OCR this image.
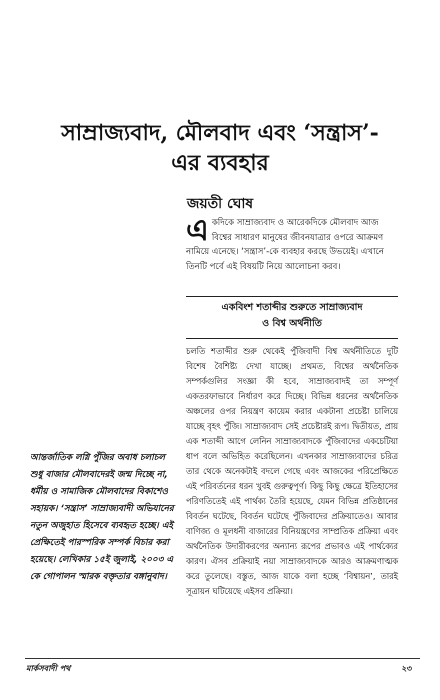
সাম্রাজ্যবাদ, মৌলবাদ এবং ‘সন্ত্রাস’-এর ব্যবহার
জয়তী ঘোষ

একদিকে সাম্রাজ্যবাদ ও আরেকদিকে মৌলবাদ আজ বিশ্বের সাধারণ মানুষের জীবনযাত্রার ওপরে আক্রমণ নামিয়ে এনেছে। ‘সন্ত্রাস’-কে ব্যবহার করছে উভয়েই। এখানে তিনটি পর্বে এই বিষয়টি নিয়ে আলোচনা করব।

একবিংশ শতাব্দীর শুরুতে সাম্রাজ্যবাদ
ও বিশ্ব অর্থনীতি

চলতি শতাব্দীর শুরু থেকেই পুঁজিবাদী বিশ্ব অর্থনীতিতে দুটি বিশেষ বৈশিষ্ট্য দেখা যাচ্ছে। প্রথমত, বিশ্বের অর্থনৈতিক সম্পর্কগুলির সংজ্ঞা কী হবে, সাম্রাজ্যবাদই তা সম্পূর্ণ একতরফাভাবে নির্ধারণ করে দিচ্ছে। বিভিন্ন ধরনের অর্থনৈতিক অঞ্চলের ওপর নিয়ন্ত্রণ কায়েম করার একটানা প্রচেষ্টা চালিয়ে যাচ্ছে বৃহৎ পুঁজি। সাম্রাজ্যবাদ সেই প্রচেষ্টারই রূপ। দ্বিতীয়ত, প্রায় এক শতাব্দী আগে লেনিন সাম্রাজ্যবাদকে পুঁজিবাদের একচেটিয়া ধাপ বলে অভিহিত করেছিলেন। এখনকার সাম্রাজ্যবাদের চরিত্র তার থেকে অনেকটাই বদলে গেছে এবং আজকের পরিপ্রেক্ষিতে এই পরিবর্তনের ধরন খুবই গুরুত্বপূর্ণ। কিছু কিছু ক্ষেত্রে ইতিহাসের পরিণতিতেই এই পার্থক্য তৈরি হয়েছে, যেমন বিভিন্ন প্রতিষ্ঠানের বিবর্তন ঘটেছে, বিবর্তন ঘটেছে পুঁজিবাদের প্রক্রিয়াতেও। আবার বাণিজ্য ও মূলধনী বাজারের বিনিয়ন্ত্রণের সাম্প্রতিক প্রক্রিয়া এবং অর্থনৈতিক উদারীকরণের অন্যান্য রূপের প্রভাবও এই পার্থক্যের কারণ। ঐসব প্রক্রিয়াই নয়া সাম্রাজ্যবাদকে আরও আক্রমণাত্মক করে তুলেছে। বস্তুত, আজ যাকে বলা হচ্ছে ‘বিশ্বায়ন’, তারই সূত্রায়ন ঘটিয়েছে এইসব প্রক্রিয়া।

আন্তর্জাতিক লগ্নি পুঁজির অবাধ চলাচল শুধু বাজার মৌলবাদেরই জন্ম দিচ্ছে না, ধর্মীয় ও সামাজিক মৌলবাদের বিকাশেও সহায়ক। ‘সন্ত্রাস’ সাম্রাজ্যবাদী অভিযানের নতুন অজুহাত হিসেবে ব্যবহৃত হচ্ছে। এই প্রেক্ষিতেই পারস্পরিক সম্পর্ক বিচার করা হয়েছে। লেখিকার ১৫ই জুলাই, ২০০৩ এ কে গোপালন স্মারক বক্তৃতার বঙ্গানুবাদ।

মার্কসবাদী পথ	২৩
